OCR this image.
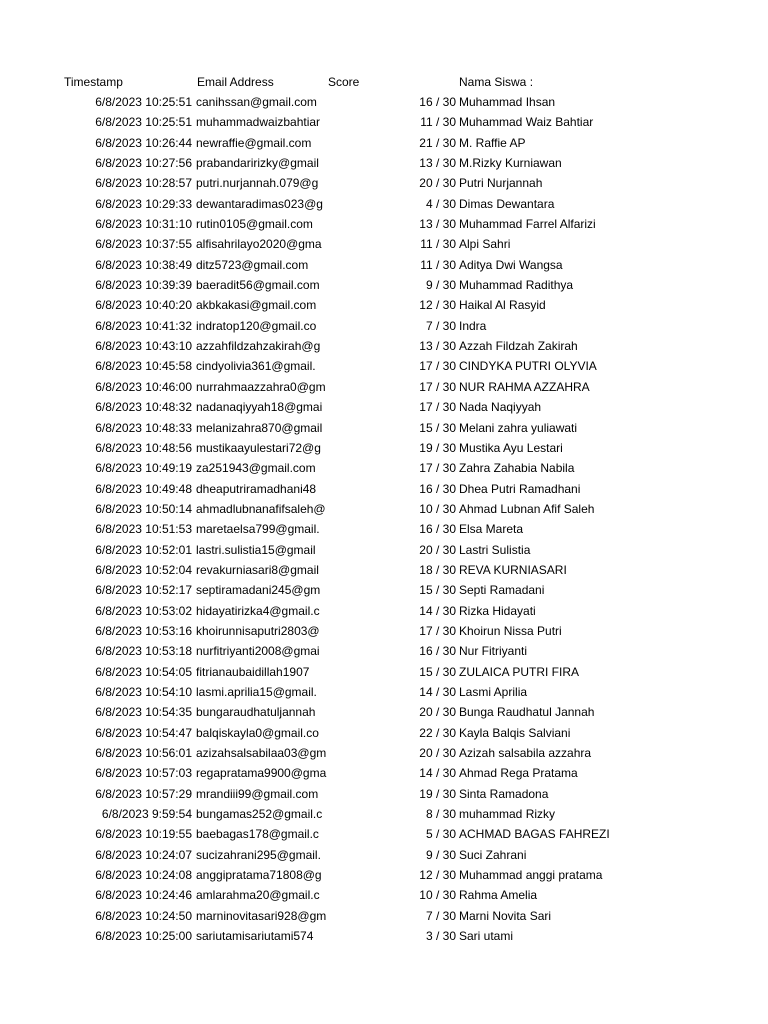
Timestamp	Email Address	Score	Nama Siswa :
6/8/2023 10:25:51 canihssan@gmail.com	16 / 30 Muhammad Ihsan
6/8/2023 10:25:51 muhammadwaizbahtiar	11 / 30 Muhammad Waiz Bahtiar
6/8/2023 10:26:44 newraffie@gmail.com	21 / 30 M. Raffie AP
6/8/2023 10:27:56 prabandaririzky@gmail	13 / 30 M.Rizky Kurniawan
6/8/2023 10:28:57 putri.nurjannah.079@g	20 / 30 Putri Nurjannah
6/8/2023 10:29:33 dewantaradimas023@g	4 / 30 Dimas Dewantara
6/8/2023 10:31:10 rutin0105@gmail.com	13 / 30 Muhammad Farrel Alfarizi
6/8/2023 10:37:55 alfisahrilayo2020@gma	11 / 30 Alpi Sahri
6/8/2023 10:38:49 ditz5723@gmail.com	11 / 30 Aditya Dwi Wangsa
6/8/2023 10:39:39 baeradit56@gmail.com	9 / 30 Muhammad Radithya
6/8/2023 10:40:20 akbkakasi@gmail.com	12 / 30 Haikal Al Rasyid
6/8/2023 10:41:32 indratop120@gmail.co	7 / 30 Indra
6/8/2023 10:43:10 azzahfildzahzakirah@g	13 / 30 Azzah Fildzah Zakirah
6/8/2023 10:45:58 cindyolivia361@gmail.	17 / 30 CINDYKA PUTRI OLYVIA
6/8/2023 10:46:00 nurrahmaazzahra0@gm	17 / 30 NUR RAHMA AZZAHRA
6/8/2023 10:48:32 nadanaqiyyah18@gmai	17 / 30 Nada Naqiyyah
6/8/2023 10:48:33 melanizahra870@gmail	15 / 30 Melani zahra yuliawati
6/8/2023 10:48:56 mustikaayulestari72@g	19 / 30 Mustika Ayu Lestari
6/8/2023 10:49:19 za251943@gmail.com	17 / 30 Zahra Zahabia Nabila
6/8/2023 10:49:48 dheaputriramadhani48	16 / 30 Dhea Putri Ramadhani
6/8/2023 10:50:14 ahmadlubnanafifsaleh@	10 / 30 Ahmad Lubnan Afif Saleh
6/8/2023 10:51:53 maretaelsa799@gmail.	16 / 30 Elsa Mareta
6/8/2023 10:52:01 lastri.sulistia15@gmail	20 / 30 Lastri Sulistia
6/8/2023 10:52:04 revakurniasari8@gmail	18 / 30 REVA KURNIASARI
6/8/2023 10:52:17 septiramadani245@gm	15 / 30 Septi Ramadani
6/8/2023 10:53:02 hidayatirizka4@gmail.c	14 / 30 Rizka Hidayati
6/8/2023 10:53:16 khoirunnisaputri2803@	17 / 30 Khoirun Nissa Putri
6/8/2023 10:53:18 nurfitriyanti2008@gmai	16 / 30 Nur Fitriyanti
6/8/2023 10:54:05 fitrianaubaidillah1907	15 / 30 ZULAICA PUTRI FIRA
6/8/2023 10:54:10 lasmi.aprilia15@gmail.	14 / 30 Lasmi Aprilia
6/8/2023 10:54:35 bungaraudhatuljannah	20 / 30 Bunga Raudhatul Jannah
6/8/2023 10:54:47 balqiskayla0@gmail.co	22 / 30 Kayla Balqis Salviani
6/8/2023 10:56:01 azizahsalsabilaa03@gm	20 / 30 Azizah salsabila azzahra
6/8/2023 10:57:03 regapratama9900@gma	14 / 30 Ahmad Rega Pratama
6/8/2023 10:57:29 mrandiii99@gmail.com	19 / 30 Sinta Ramadona
6/8/2023 9:59:54 bungamas252@gmail.c	8 / 30 muhammad Rizky
6/8/2023 10:19:55 baebagas178@gmail.c	5 / 30 ACHMAD BAGAS FAHREZI
6/8/2023 10:24:07 sucizahrani295@gmail.	9 / 30 Suci Zahrani
6/8/2023 10:24:08 anggipratama71808@g	12 / 30 Muhammad anggi pratama
6/8/2023 10:24:46 amlarahma20@gmail.c	10 / 30 Rahma Amelia
6/8/2023 10:24:50 marninovitasari928@gm	7 / 30 Marni Novita Sari
6/8/2023 10:25:00 sariutamisariutami574	3 / 30 Sari utami
